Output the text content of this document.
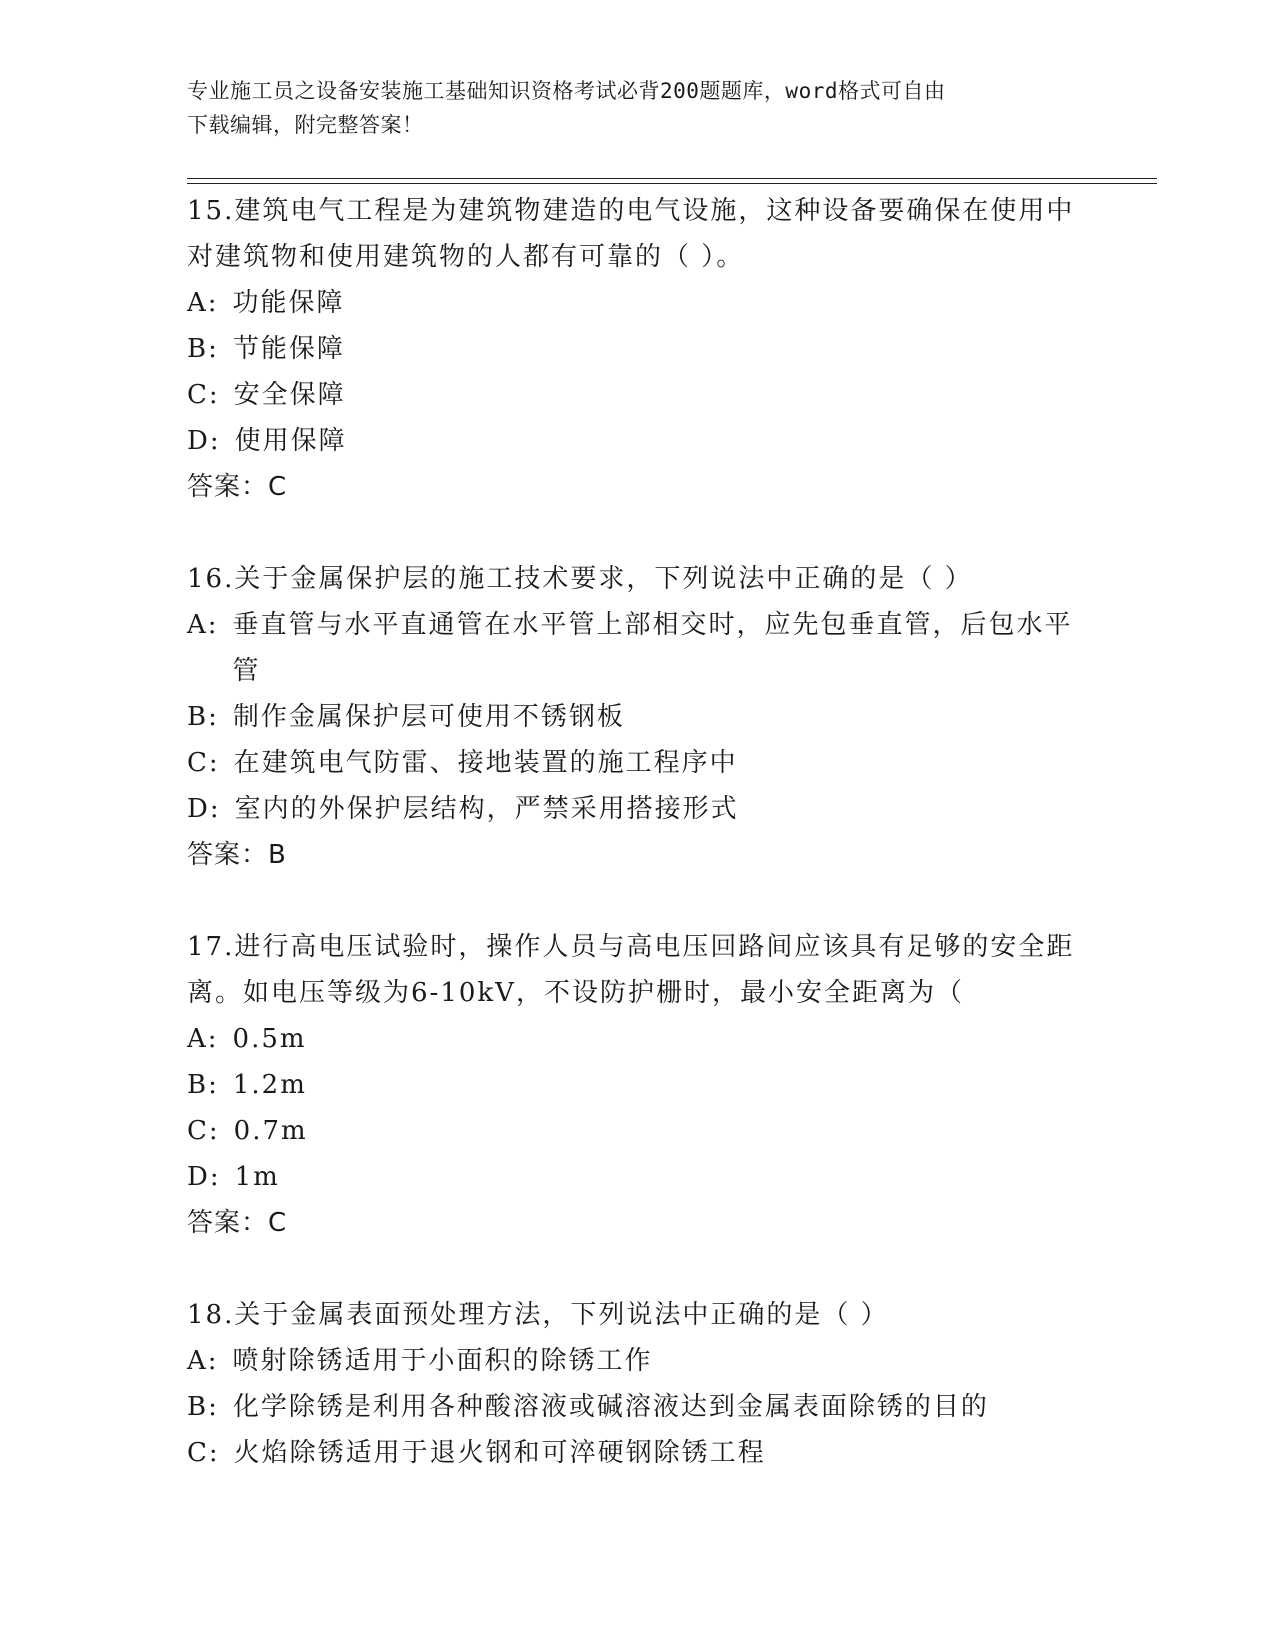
专业施工员之设备安装施工基础知识资格考试必背200题题库，word格式可自由
下载编辑，附完整答案！

15.建筑电气工程是为建筑物建造的电气设施，这种设备要确保在使用中对建筑物和使用建筑物的人都有可靠的（ ）。

A: 功能保障

B: 节能保障

C: 安全保障

D: 使用保障

答案：C

16.关于金属保护层的施工技术要求，下列说法中正确的是（ ）

A: 垂直管与水平直通管在水平管上部相交时，应先包垂直管，后包水平管

B: 制作金属保护层可使用不锈钢板

C: 在建筑电气防雷、接地装置的施工程序中

D: 室内的外保护层结构，严禁采用搭接形式

答案：B

17.进行高电压试验时，操作人员与高电压回路间应该具有足够的安全距离。如电压等级为6-10kV，不设防护栅时，最小安全距离为（

A: 0.5m

B: 1.2m

C: 0.7m

D: 1m

答案：C

18.关于金属表面预处理方法，下列说法中正确的是（ ）

A: 喷射除锈适用于小面积的除锈工作

B: 化学除锈是利用各种酸溶液或碱溶液达到金属表面除锈的目的

C: 火焰除锈适用于退火钢和可淬硬钢除锈工程
